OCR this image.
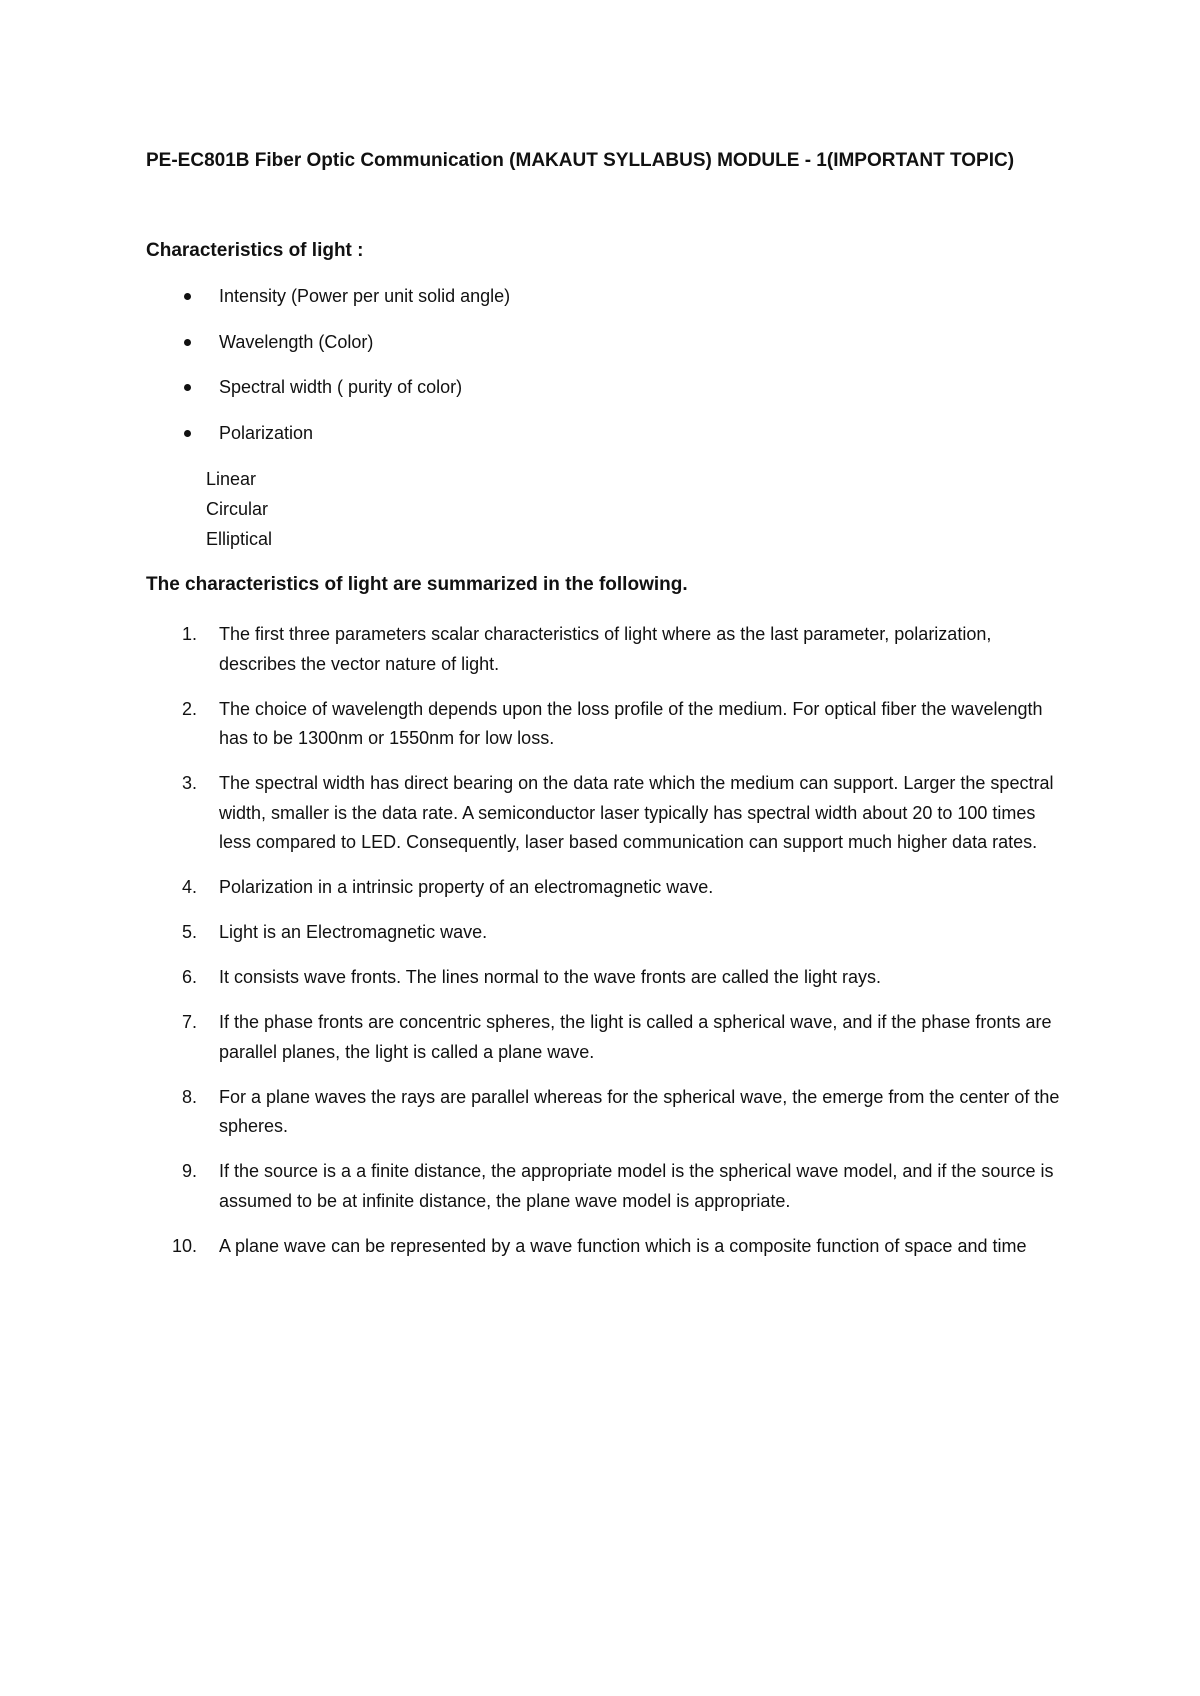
PE-EC801B Fiber Optic Communication (MAKAUT SYLLABUS) MODULE - 1(IMPORTANT TOPIC)
Characteristics of light :
Intensity (Power per unit solid angle)
Wavelength (Color)
Spectral width ( purity of color)
Polarization
Linear
Circular
Elliptical
The characteristics of light are summarized in the following.
1. The first three parameters scalar characteristics of light where as the last parameter, polarization, describes the vector nature of light.
2. The choice of wavelength depends upon the loss profile of the medium. For optical fiber the wavelength has to be 1300nm or 1550nm for low loss.
3. The spectral width has direct bearing on the data rate which the medium can support. Larger the spectral width, smaller is the data rate. A semiconductor laser typically has spectral width about 20 to 100 times less compared to LED. Consequently, laser based communication can support much higher data rates.
4. Polarization in a intrinsic property of an electromagnetic wave.
5. Light is an Electromagnetic wave.
6. It consists wave fronts. The lines normal to the wave fronts are called the light rays.
7. If the phase fronts are concentric spheres, the light is called a spherical wave, and if the phase fronts are parallel planes, the light is called a plane wave.
8. For a plane waves the rays are parallel whereas for the spherical wave, the emerge from the center of the spheres.
9. If the source is a a finite distance, the appropriate model is the spherical wave model, and if the source is assumed to be at infinite distance, the plane wave model is appropriate.
10. A plane wave can be represented by a wave function which is a composite function of space and time
